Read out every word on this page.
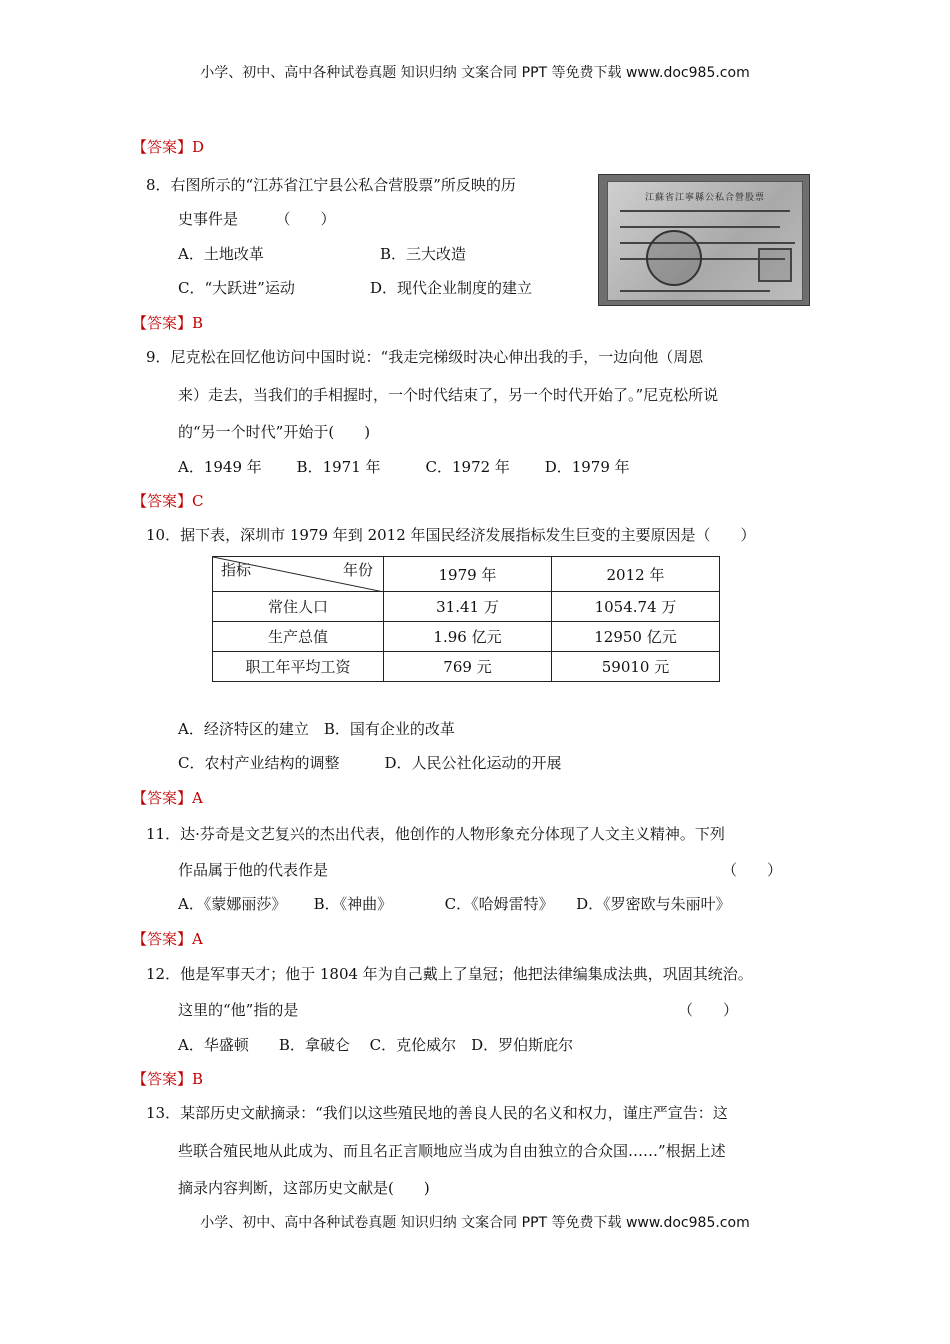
小学、初中、高中各种试卷真题 知识归纳 文案合同 PPT 等免费下载 www.doc985.com
【答案】D
8．右图所示的“江苏省江宁县公私合营股票”所反映的历
史事件是　　　（　　）
A．土地改革	B．三大改造
C．“大跃进”运动	D．现代企业制度的建立
江蘇省江寧縣公私合營股票
【答案】B
9．尼克松在回忆他访问中国时说：“我走完梯级时决心伸出我的手，一边向他（周恩
来）走去，当我们的手相握时，一个时代结束了，另一个时代开始了。”尼克松所说
的“另一个时代”开始于(　　)
A．1949 年　　 B．1971 年　　　C．1972 年　　 D．1979 年
【答案】C
10．据下表，深圳市 1979 年到 2012 年国民经济发展指标发生巨变的主要原因是（　　）
指标 年份	1979 年	2012 年
常住人口	31.41 万	1054.74 万
生产总值	1.96 亿元	12950 亿元
职工年平均工资	769 元	59010 元
A．经济特区的建立　B．国有企业的改革
C．农村产业结构的调整　　　D．人民公社化运动的开展
【答案】A
11．达·芬奇是文艺复兴的杰出代表，他创作的人物形象充分体现了人文主义精神。下列
作品属于他的代表作是	（　　）
A．《蒙娜丽莎》　　 B．《神曲》　　　　C．《哈姆雷特》　　D．《罗密欧与朱丽叶》
【答案】A
12．他是军事天才；他于 1804 年为自己戴上了皇冠；他把法律编集成法典，巩固其统治。
这里的“他”指的是	（　　）
A．华盛顿　　B．拿破仑　 C．克伦威尔　D．罗伯斯庇尔
【答案】B
13．某部历史文献摘录：“我们以这些殖民地的善良人民的名义和权力，谨庄严宣告：这
些联合殖民地从此成为、而且名正言顺地应当成为自由独立的合众国……”根据上述
摘录内容判断，这部历史文献是(　　)
小学、初中、高中各种试卷真题 知识归纳 文案合同 PPT 等免费下载 www.doc985.com
